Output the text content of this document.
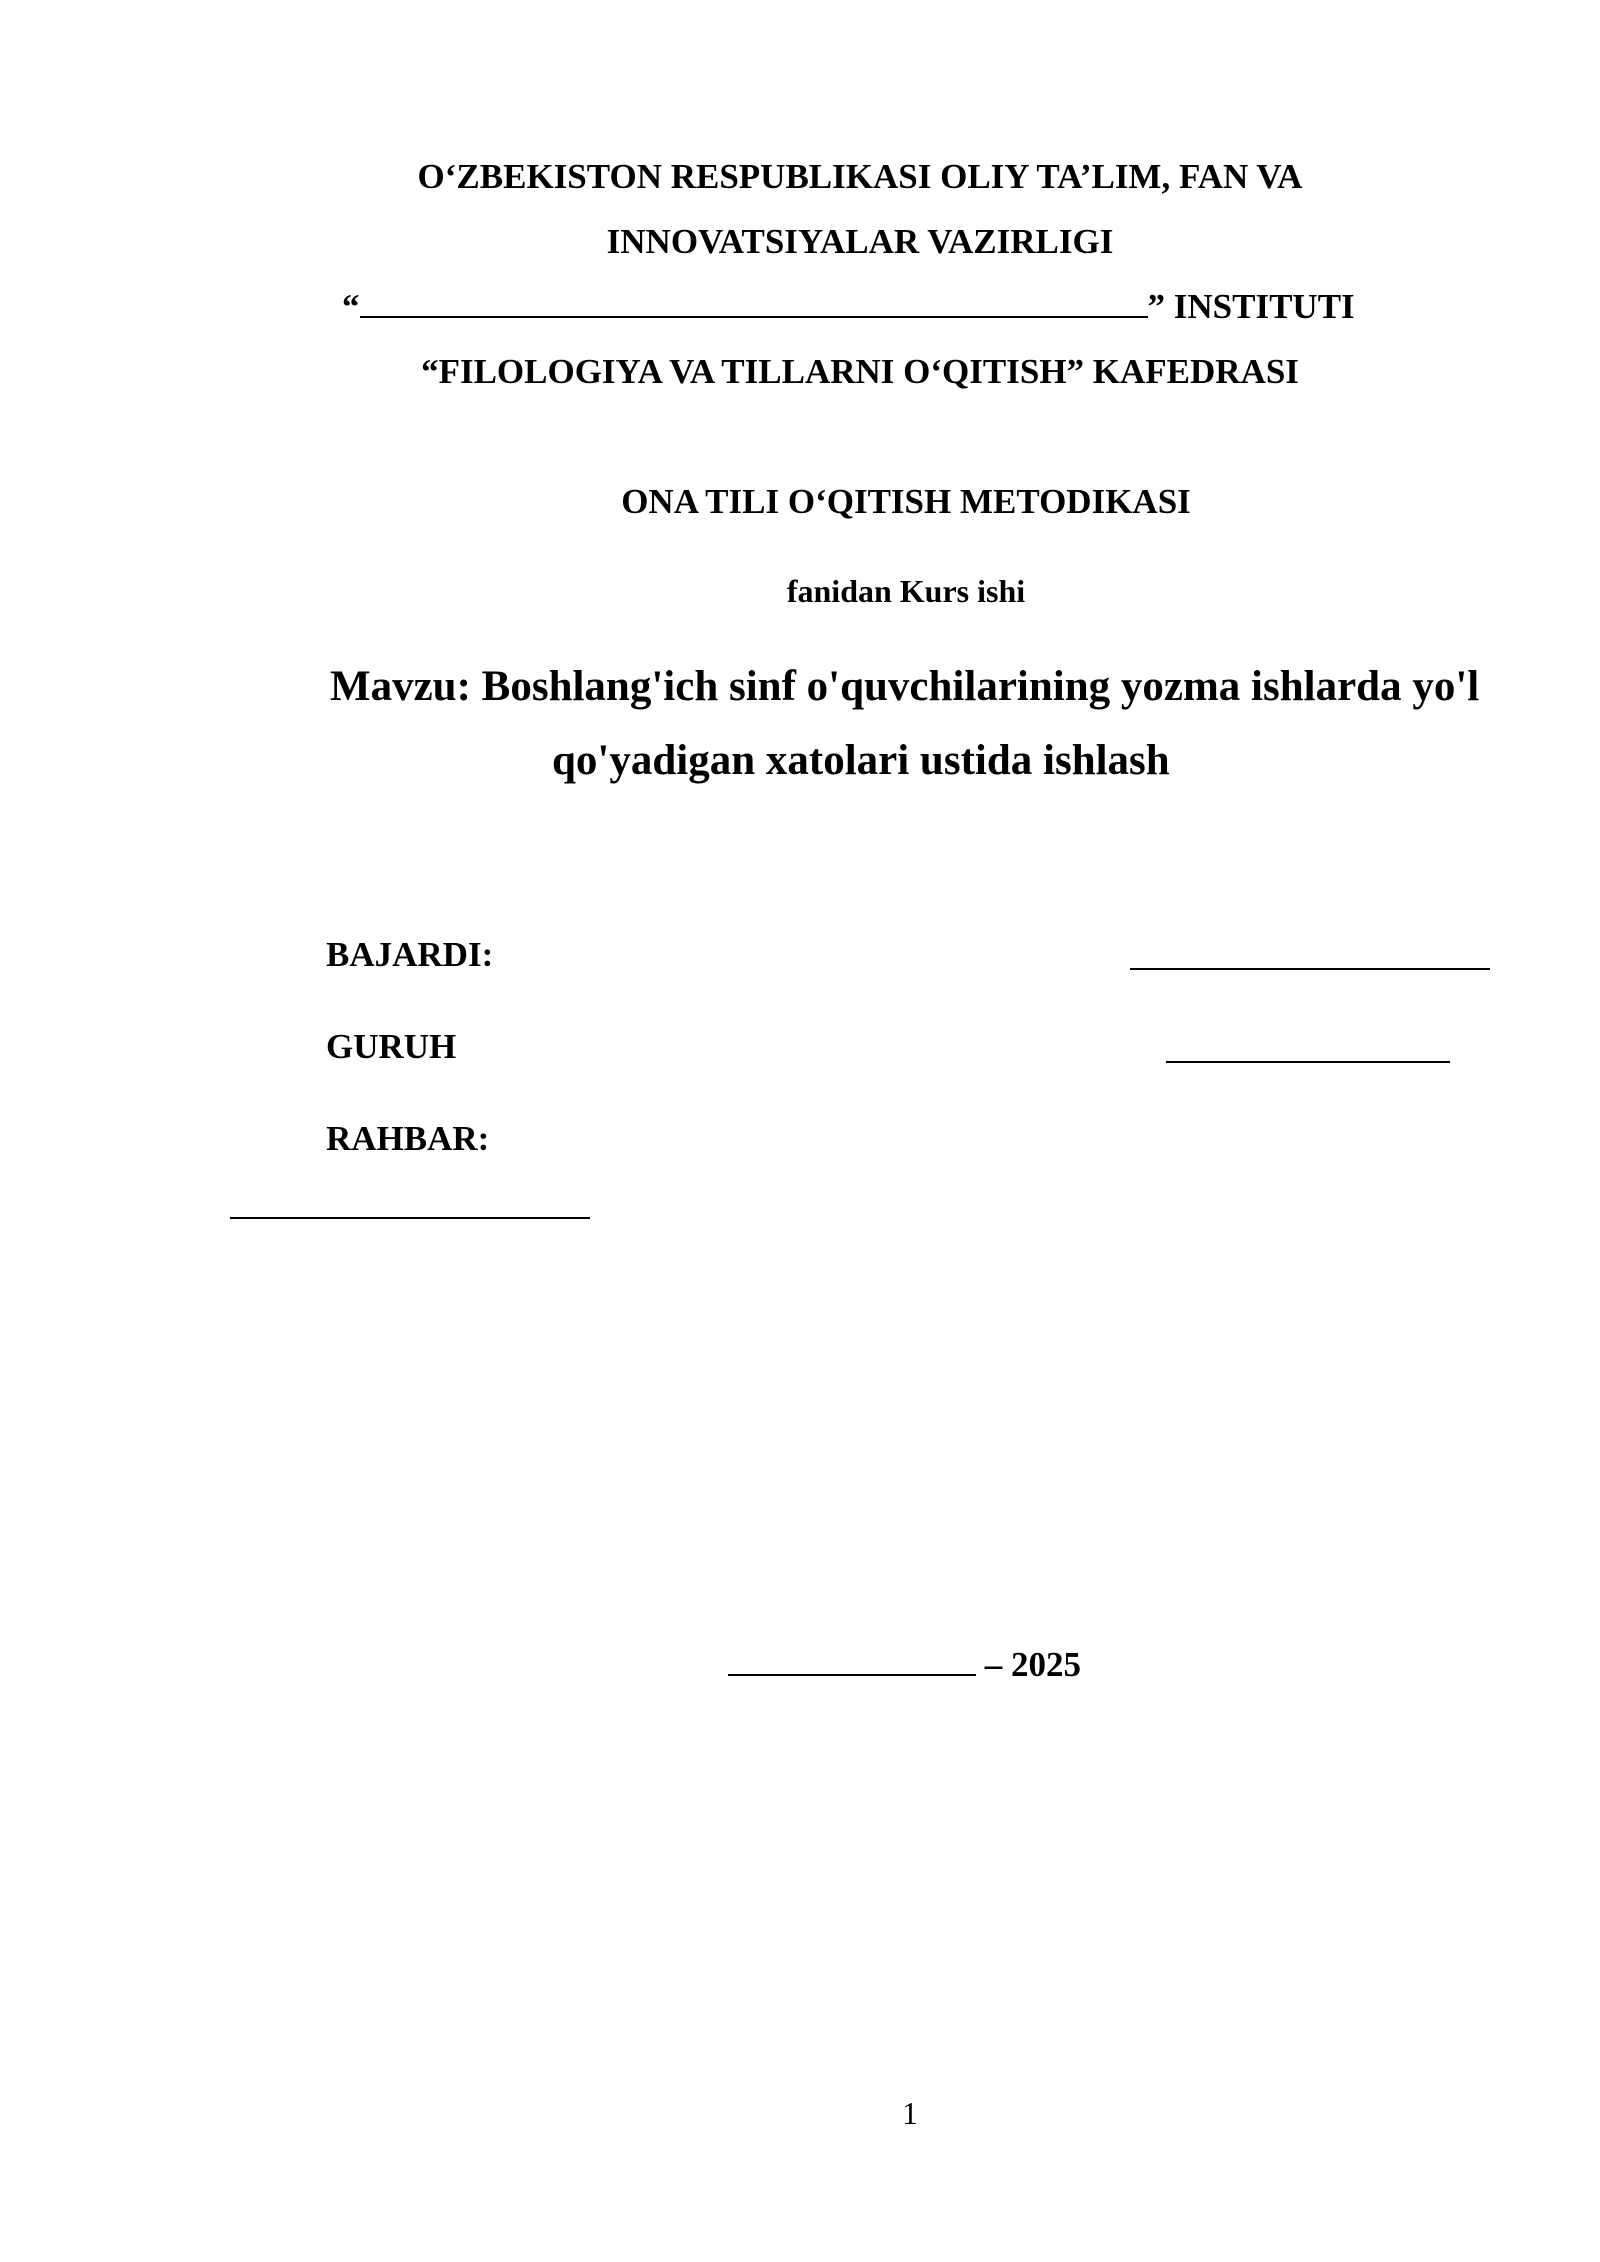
O‘ZBEKISTON RESPUBLIKASI OLIY TA’LIM, FAN VA
INNOVATSIYALAR VAZIRLIGI
“	” INSTITUTI
“FILOLOGIYA VA TILLARNI O‘QITISH” KAFEDRASI
ONA TILI O‘QITISH METODIKASI
fanidan Kurs ishi
Mavzu: Boshlang'ich sinf o'quvchilarining yozma ishlarda yo'l
qo'yadigan xatolari ustida ishlash
BAJARDI:
GURUH
RAHBAR:
– 2025
1
